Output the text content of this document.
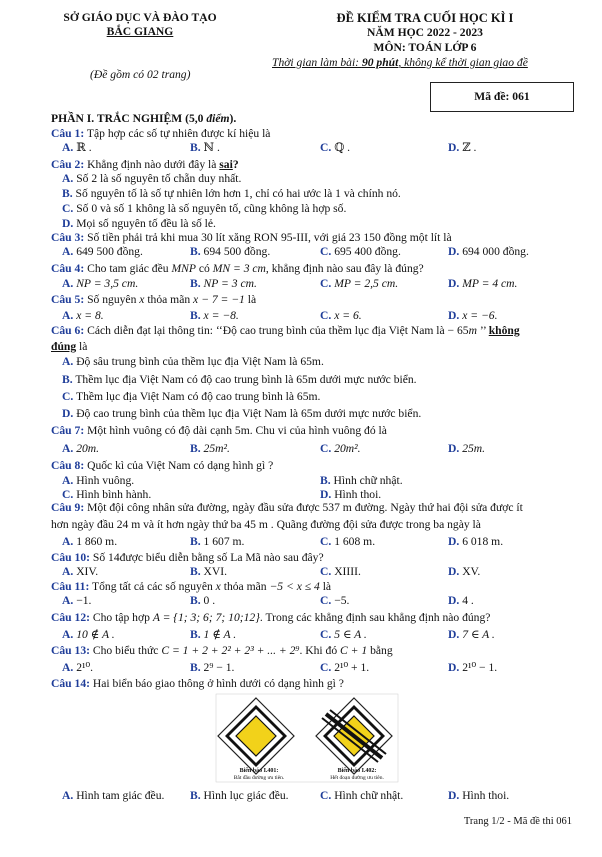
SỞ GIÁO DỤC VÀ ĐÀO TẠO
BẮC GIANG
(Đề gồm có 02 trang)
ĐỀ KIỂM TRA CUỐI HỌC KÌ I
NĂM HỌC 2022 - 2023
MÔN: TOÁN LỚP 6
Thời gian làm bài: 90 phút, không kể thời gian giao đề
Mã đề: 061
PHẦN I. TRẮC NGHIỆM (5,0 điểm).
Câu 1: Tập hợp các số tự nhiên được kí hiệu là
A. ℝ .	B. ℕ .	C. ℚ .	D. ℤ .
Câu 2: Khẳng định nào dưới đây là sai?
A. Số 2 là số nguyên tố chẵn duy nhất.
B. Số nguyên tố là số tự nhiên lớn hơn 1, chỉ có hai ước là 1 và chính nó.
C. Số 0 và số 1 không là số nguyên tố, cũng không là hợp số.
D. Mọi số nguyên tố đều là số lẻ.
Câu 3: Số tiền phải trả khi mua 30 lít xăng RON 95-III, với giá 23 150 đồng một lít là
A. 649 500 đồng.	B. 694 500 đồng.	C. 695 400 đồng.	D. 694 000 đồng.
Câu 4: Cho tam giác đều MNP có MN = 3 cm, khẳng định nào sau đây là đúng?
A. NP = 3,5 cm.	B. NP = 3 cm.	C. MP = 2,5 cm.	D. MP = 4 cm.
Câu 5: Số nguyên x thỏa mãn x − 7 = −1 là
A. x = 8.	B. x = −8.	C. x = 6.	D. x = −6.
Câu 6: Cách diễn đạt lại thông tin: ‘‘Độ cao trung bình của thềm lục địa Việt Nam là − 65m ’’ không
đúng là
A. Độ sâu trung bình của thềm lục địa Việt Nam là 65m.
B. Thềm lục địa Việt Nam có độ cao trung bình là 65m dưới mực nước biển.
C. Thềm lục địa Việt Nam có độ cao trung bình là 65m.
D. Độ cao trung bình của thềm lục địa Việt Nam là 65m dưới mực nước biển.
Câu 7: Một hình vuông có độ dài cạnh 5m. Chu vi của hình vuông đó là
A. 20m.	B. 25m².	C. 20m².	D. 25m.
Câu 8: Quốc kì của Việt Nam có dạng hình gì ?
A. Hình vuông.	B. Hình chữ nhật.
C. Hình bình hành.	D. Hình thoi.
Câu 9: Một đội công nhân sửa đường, ngày đầu sửa được 537 m đường. Ngày thứ hai đội sửa được ít
hơn ngày đầu 24 m và ít hơn ngày thứ ba 45 m . Quãng đường đội sửa được trong ba ngày là
A. 1 860 m.	B. 1 607 m.	C. 1 608 m.	D. 6 018 m.
Câu 10: Số 14được biểu diễn bằng số La Mã nào sau đây?
A. XIV.	B. XVI.	C. XIIII.	D. XV.
Câu 11: Tổng tất cả các số nguyên x thỏa mãn −5 < x ≤ 4 là
A. −1.	B. 0 .	C. −5.	D. 4 .
Câu 12: Cho tập hợp A = {1; 3; 6; 7; 10;12}. Trong các khẳng định sau khẳng định nào đúng?
A. 10 ∉ A .	B. 1 ∉ A .	C. 5 ∈ A .	D. 7 ∈ A .
Câu 13: Cho biểu thức C = 1 + 2 + 2² + 2³ + ... + 2⁹. Khi đó C + 1 bằng
A. 2¹⁰.	B. 2⁹ − 1.	C. 2¹⁰ + 1.	D. 2¹⁰ − 1.
Câu 14: Hai biển báo giao thông ở hình dưới có dạng hình gì ?
Biển báo I.401:
Bắt đầu đường ưu tiên.
Biển báo I.402:
Hết đoạn đường ưu tiên.
A. Hình tam giác đều. B. Hình lục giác đều.	C. Hình chữ nhật.	D. Hình thoi.
Trang 1/2 - Mã đề thi 061
